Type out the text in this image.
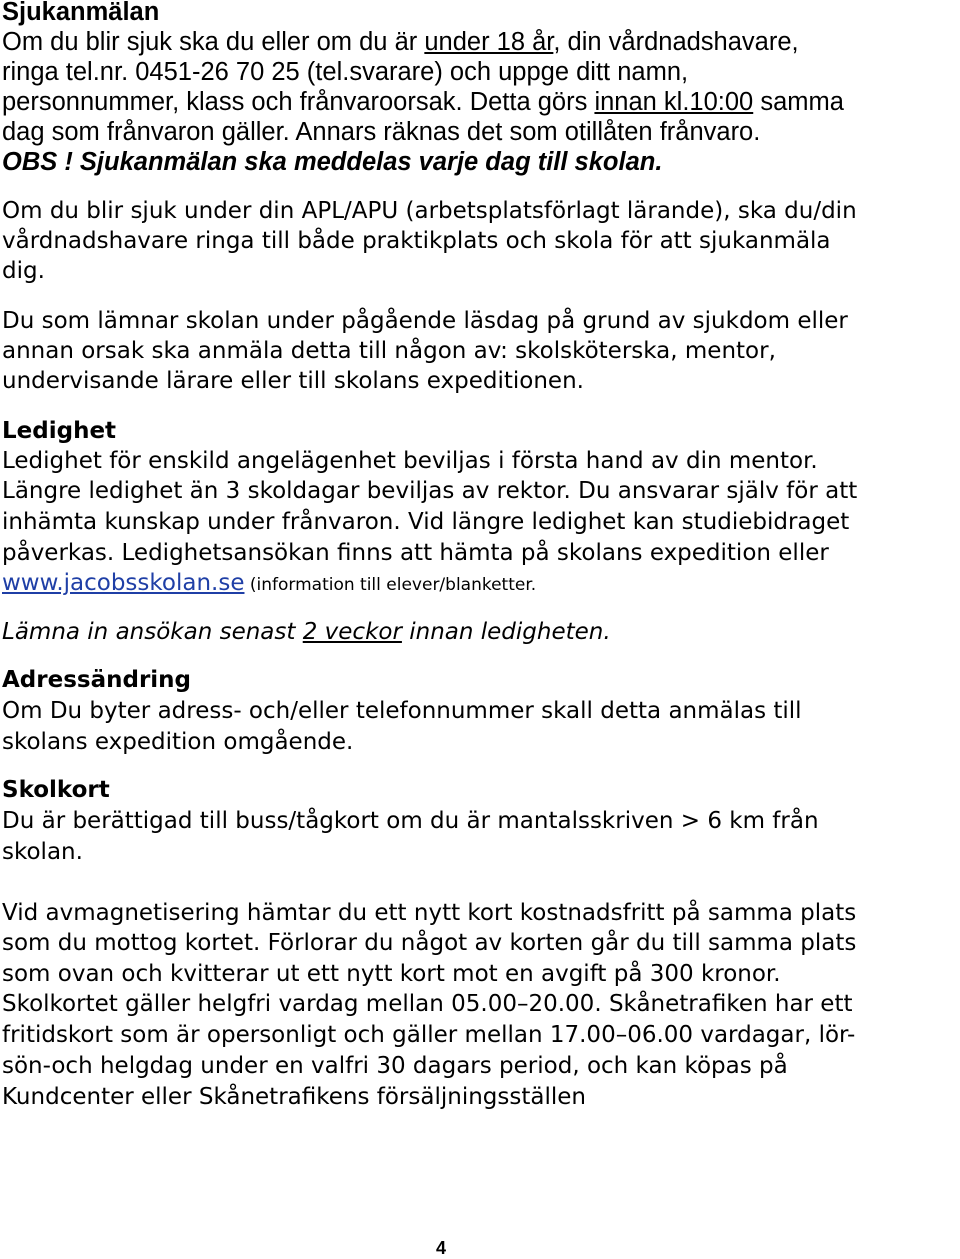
Sjukanmälan
Om du blir sjuk ska du eller om du är under 18 år, din vårdnadshavare,
ringa tel.nr. 0451-26 70 25 (tel.svarare) och uppge ditt namn,
personnummer, klass och frånvaroorsak. Detta görs innan kl.10:00 samma
dag som frånvaron gäller. Annars räknas det som otillåten frånvaro.
OBS ! Sjukanmälan ska meddelas varje dag till skolan.
Om du blir sjuk under din APL/APU (arbetsplatsförlagt lärande), ska du/din
vårdnadshavare ringa till både praktikplats och skola för att sjukanmäla
dig.
Du som lämnar skolan under pågående läsdag på grund av sjukdom eller
annan orsak ska anmäla detta till någon av: skolsköterska, mentor,
undervisande lärare eller till skolans expeditionen.
Ledighet
Ledighet för enskild angelägenhet beviljas i första hand av din mentor.
Längre ledighet än 3 skoldagar beviljas av rektor. Du ansvarar själv för att
inhämta kunskap under frånvaron. Vid längre ledighet kan studiebidraget
påverkas. Ledighetsansökan finns att hämta på skolans expedition eller
www.jacobsskolan.se (information till elever/blanketter.
Lämna in ansökan senast 2 veckor innan ledigheten.
Adressändring
Om Du byter adress- och/eller telefonnummer skall detta anmälas till
skolans expedition omgående.
Skolkort
Du är berättigad till buss/tågkort om du är mantalsskriven > 6 km från
skolan.
Vid avmagnetisering hämtar du ett nytt kort kostnadsfritt på samma plats
som du mottog kortet. Förlorar du något av korten går du till samma plats
som ovan och kvitterar ut ett nytt kort mot en avgift på 300 kronor.
Skolkortet gäller helgfri vardag mellan 05.00–20.00. Skånetrafiken har ett
fritidskort som är opersonligt och gäller mellan 17.00–06.00 vardagar, lör-
sön-och helgdag under en valfri 30 dagars period, och kan köpas på
Kundcenter eller Skånetrafikens försäljningsställen
4
